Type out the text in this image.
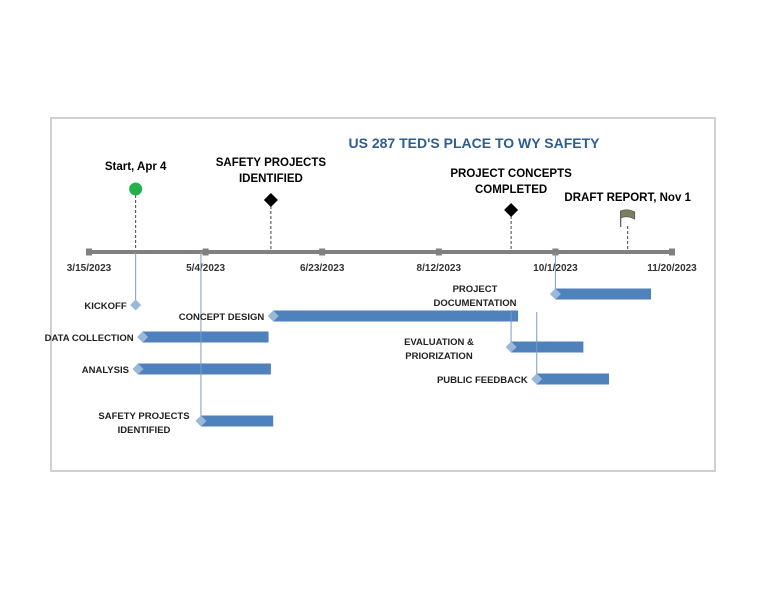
US 287 TED'S PLACE TO WY SAFETY
3/15/2023	5/4/2023	6/23/2023	8/12/2023	10/1/2023	11/20/2023
Start, Apr 4	SAFETY PROJECTS
IDENTIFIED	PROJECT CONCEPTS
COMPLETED
DRAFT REPORT, Nov 1
KICKOFF
DATA COLLECTION
ANALYSIS
SAFETY PROJECTS
IDENTIFIED
CONCEPT DESIGN
EVALUATION &
PRIORIZATION
PUBLIC FEEDBACK
PROJECT
DOCUMENTATION
